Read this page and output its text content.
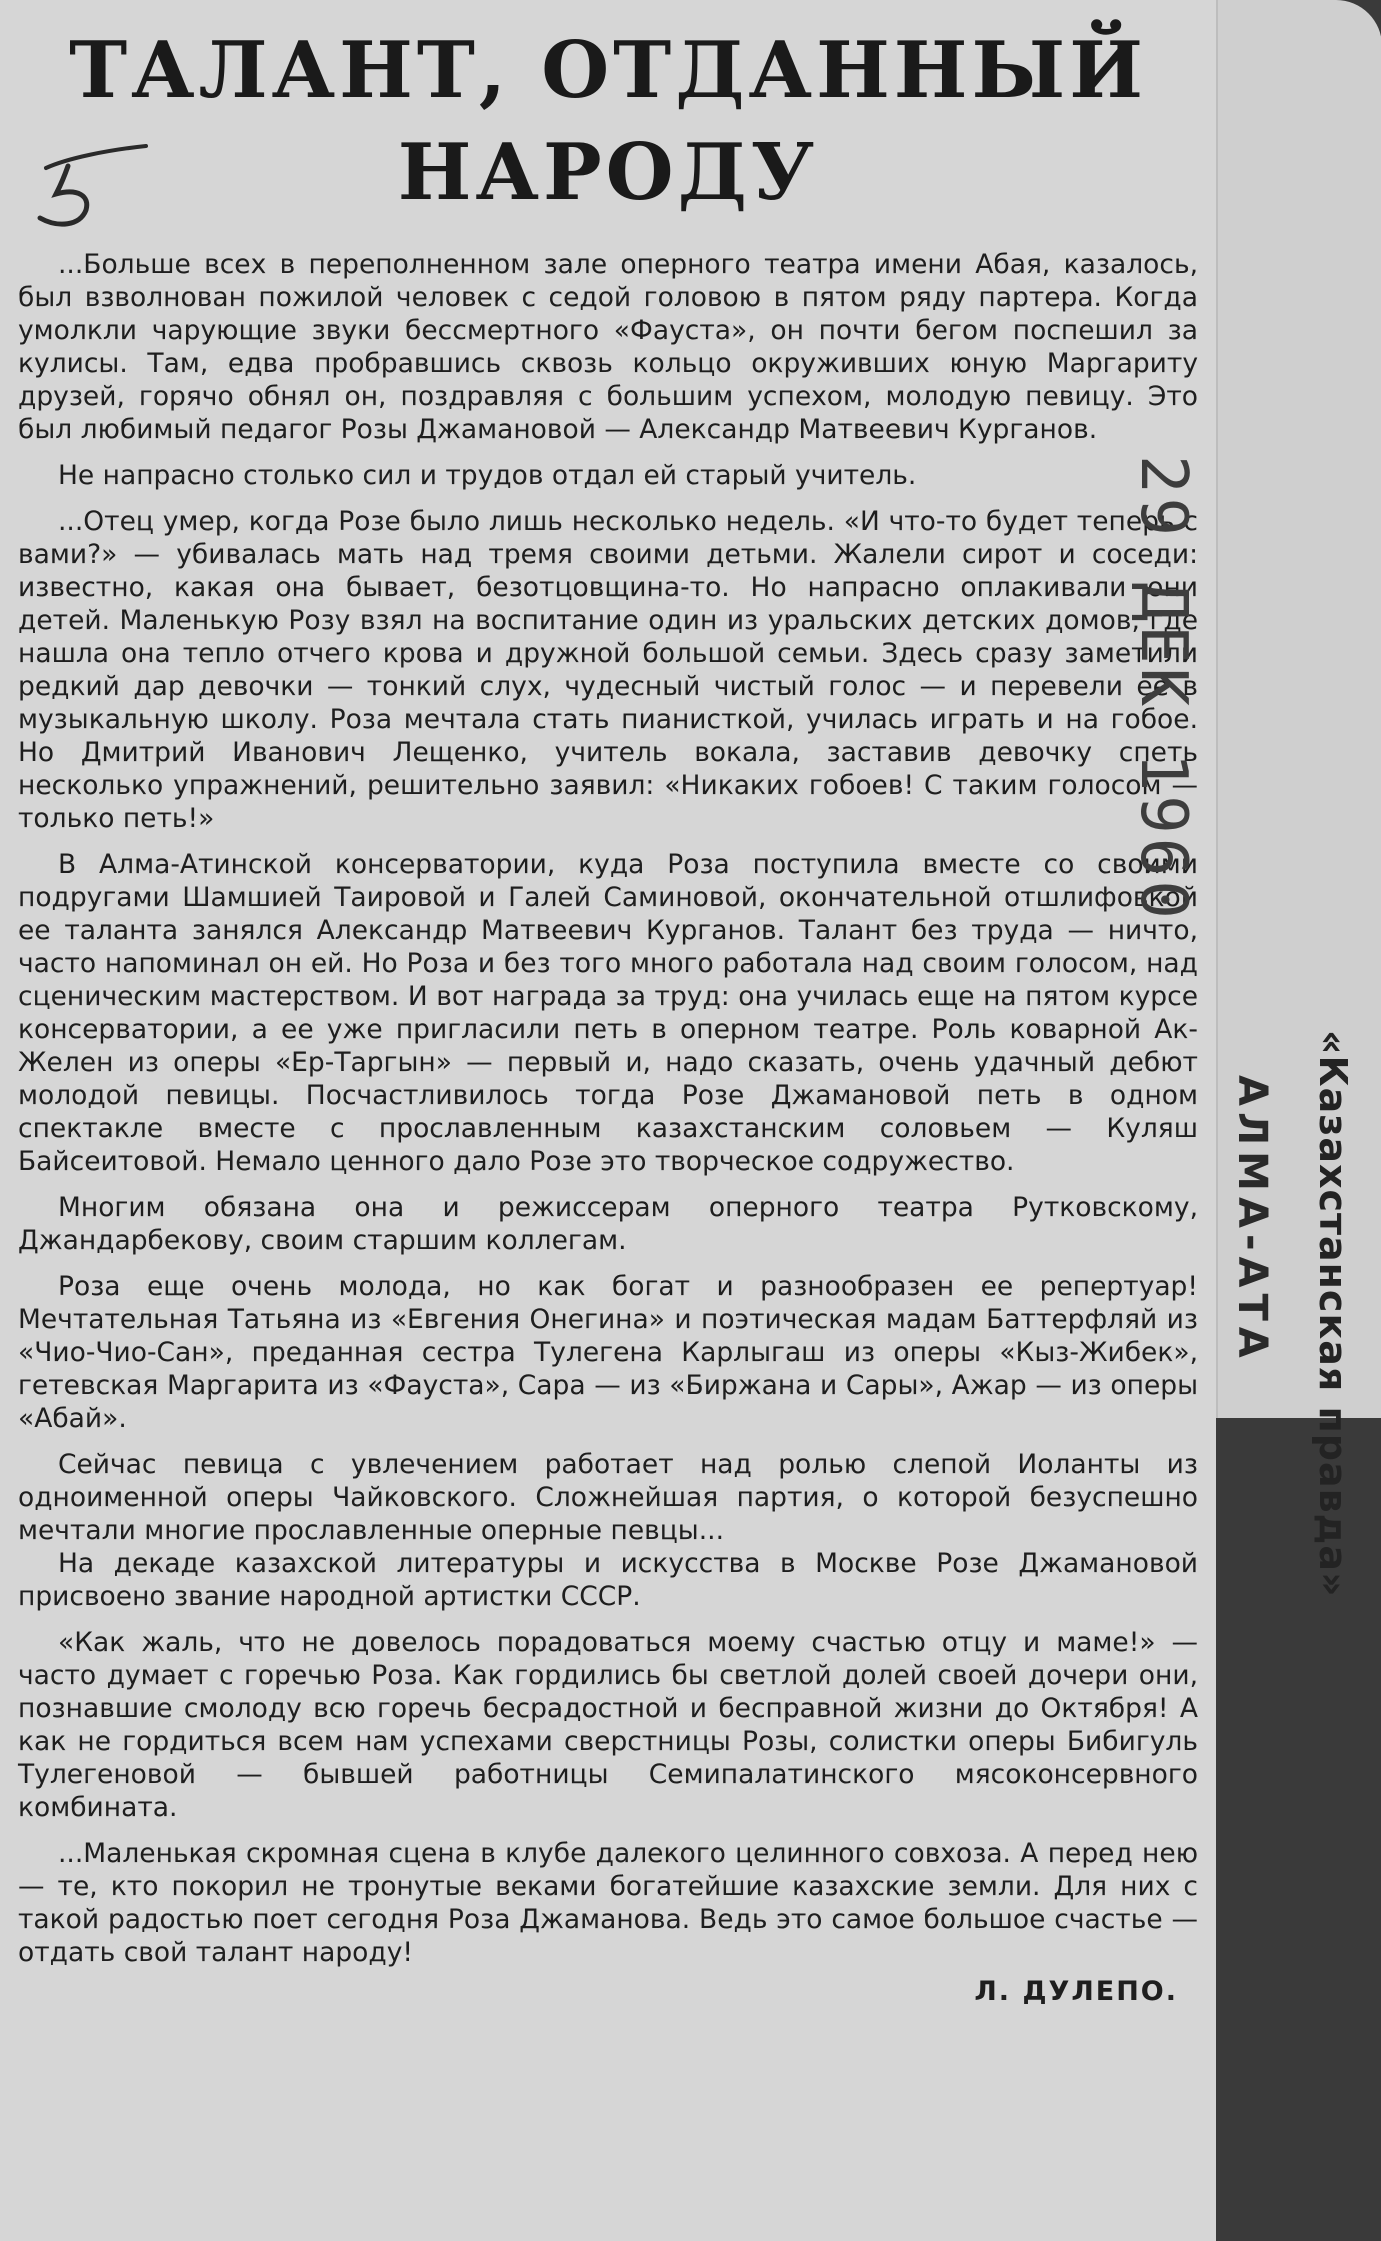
ТАЛАНТ, ОТДАННЫЙ
НАРОДУ

...Больше всех в переполненном зале оперного театра имени Абая, казалось, был взволнован пожилой человек с седой головою в пятом ряду партера. Когда умолкли чарующие звуки бессмертного «Фауста», он почти бегом поспешил за кулисы. Там, едва пробравшись сквозь кольцо окруживших юную Маргариту друзей, горячо обнял он, поздравляя с большим успехом, молодую певицу. Это был любимый педагог Розы Джамановой — Александр Матвеевич Курганов.

Не напрасно столько сил и трудов отдал ей старый учитель.

...Отец умер, когда Розе было лишь несколько недель. «И что-то будет теперь с вами?» — убивалась мать над тремя своими детьми. Жалели сирот и соседи: известно, какая она бывает, безотцовщина-то. Но напрасно оплакивали они детей. Маленькую Розу взял на воспитание один из уральских детских домов, где нашла она тепло отчего крова и дружной большой семьи. Здесь сразу заметили редкий дар девочки — тонкий слух, чудесный чистый голос — и перевели ее в музыкальную школу. Роза мечтала стать пианисткой, училась играть и на гобое. Но Дмитрий Иванович Лещенко, учитель вокала, заставив девочку спеть несколько упражнений, решительно заявил: «Никаких гобоев! С таким голосом — только петь!»

В Алма-Атинской консерватории, куда Роза поступила вместе со своими подругами Шамшией Таировой и Галей Саминовой, окончательной отшлифовкой ее таланта занялся Александр Матвеевич Курганов. Талант без труда — ничто, часто напоминал он ей. Но Роза и без того много работала над своим голосом, над сценическим мастерством. И вот награда за труд: она училась еще на пятом курсе консерватории, а ее уже пригласили петь в оперном театре. Роль коварной Ак-Желен из оперы «Ер-Таргын» — первый и, надо сказать, очень удачный дебют молодой певицы. Посчастливилось тогда Розе Джамановой петь в одном спектакле вместе с прославленным казахстанским соловьем — Куляш Байсеитовой. Немало ценного дало Розе это творческое содружество.

Многим обязана она и режиссерам оперного театра Рутковскому, Джандарбекову, своим старшим коллегам.

Роза еще очень молода, но как богат и разнообразен ее репертуар! Мечтательная Татьяна из «Евгения Онегина» и поэтическая мадам Баттерфляй из «Чио-Чио-Сан», преданная сестра Тулегена Карлыгаш из оперы «Кыз-Жибек», гетевская Маргарита из «Фауста», Сара — из «Биржана и Сары», Ажар — из оперы «Абай».

Сейчас певица с увлечением работает над ролью слепой Иоланты из одноименной оперы Чайковского. Сложнейшая партия, о которой безуспешно мечтали многие прославленные оперные певцы...

На декаде казахской литературы и искусства в Москве Розе Джамановой присвоено звание народной артистки СССР.

«Как жаль, что не довелось порадоваться моему счастью отцу и маме!» — часто думает с горечью Роза. Как гордились бы светлой долей своей дочери они, познавшие смолоду всю горечь бесрадостной и бесправной жизни до Октября! А как не гордиться всем нам успехами сверстницы Розы, солистки оперы Бибигуль Тулегеновой — бывшей работницы Семипалатинского мясоконсервного комбината.

...Маленькая скромная сцена в клубе далекого целинного совхоза. А перед нею — те, кто покорил не тронутые веками богатейшие казахские земли. Для них с такой радостью поет сегодня Роза Джаманова. Ведь это самое большое счастье — отдать свой талант народу!

Л. ДУЛЕПО.
29 ДЕК 1960
«Казахстанская правда»
АЛМА-АТА
